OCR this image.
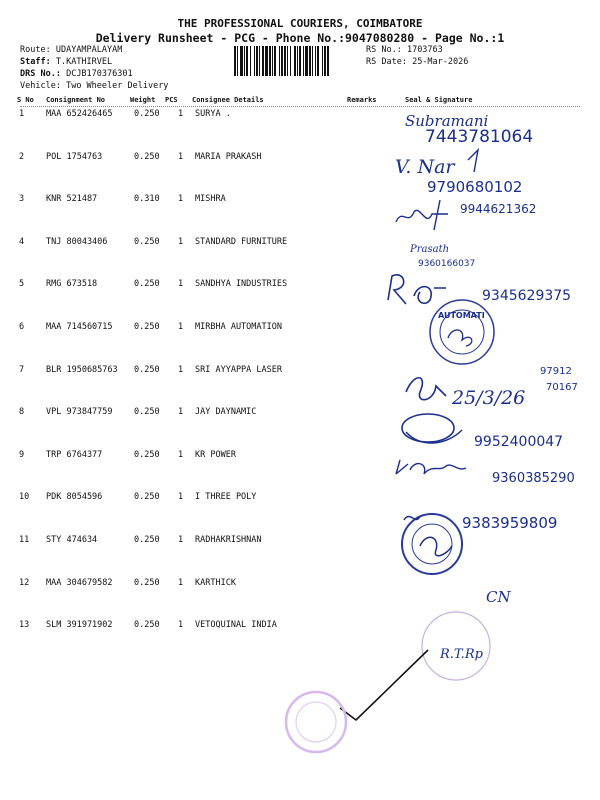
THE PROFESSIONAL COURIERS, COIMBATORE
Delivery Runsheet - PCG - Phone No.:9047080280 - Page No.:1
Route: UDAYAMPALAYAM
Staff: T.KATHIRVEL
DRS No.: DCJB170376301
Vehicle: Two Wheeler Delivery
RS No.: 1703763
RS Date: 25-Mar-2026
S No Consignment No	Weight PCS Consignee Details	Remarks	Seal & Signature
1	MAA 652426465	0.250 1 SURYA .
2	POL 1754763	0.250 1 MARIA PRAKASH
3	KNR 521487	0.310 1 MISHRA
4	TNJ 80043406	0.250 1 STANDARD FURNITURE
5	RMG 673518	0.250 1 SANDHYA INDUSTRIES
6	MAA 714560715	0.250 1 MIRBHA AUTOMATION
7	BLR 1950685763 0.250 1 SRI AYYAPPA LASER
8	VPL 973847759	0.250 1 JAY DAYNAMIC
9	TRP 6764377	0.250 1 KR POWER
10 PDK 8054596	0.250 1 I THREE POLY
11 STY 474634	0.250 1 RADHAKRISHNAN
12 MAA 304679582	0.250 1 KARTHICK
13 SLM 391971902	0.250 1 VETOQUINAL INDIA
Subramani
7443781064
V. Nar
9790680102
9944621362
Prasath
9360166037
9345629375
AUTOMATI
97912
70167
25/3/26
9952400047
9360385290
9383959809
CN
R.T.Rp
